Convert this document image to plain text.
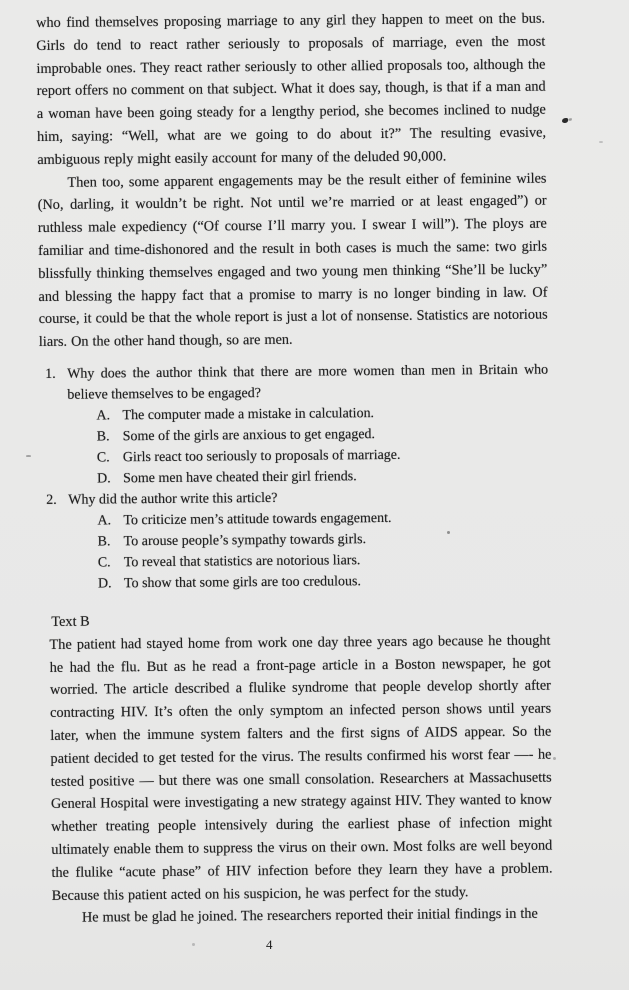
who find themselves proposing marriage to any girl they happen to meet on the bus. Girls do tend to react rather seriously to proposals of marriage, even the most improbable ones. They react rather seriously to other allied proposals too, although the report offers no comment on that subject. What it does say, though, is that if a man and a woman have been going steady for a lengthy period, she becomes inclined to nudge him, saying: “Well, what are we going to do about it?” The resulting evasive, ambiguous reply might easily account for many of the deluded 90,000.

Then too, some apparent engagements may be the result either of feminine wiles (No, darling, it wouldn’t be right. Not until we’re married or at least engaged”) or ruthless male expediency (“Of course I’ll marry you. I swear I will”). The ploys are familiar and time-dishonored and the result in both cases is much the same: two girls blissfully thinking themselves engaged and two young men thinking “She’ll be lucky” and blessing the happy fact that a promise to marry is no longer binding in law. Of course, it could be that the whole report is just a lot of nonsense. Statistics are notorious liars. On the other hand though, so are men.

1. Why does the author think that there are more women than men in Britain who believe themselves to be engaged?
A. The computer made a mistake in calculation.
B. Some of the girls are anxious to get engaged.
C. Girls react too seriously to proposals of marriage.
D. Some men have cheated their girl friends.
2. Why did the author write this article?
A. To criticize men’s attitude towards engagement.
B. To arouse people’s sympathy towards girls.
C. To reveal that statistics are notorious liars.
D. To show that some girls are too credulous.
Text B

The patient had stayed home from work one day three years ago because he thought he had the flu. But as he read a front-page article in a Boston newspaper, he got worried. The article described a flulike syndrome that people develop shortly after contracting HIV. It’s often the only symptom an infected person shows until years later, when the immune system falters and the first signs of AIDS appear. So the patient decided to get tested for the virus. The results confirmed his worst fear —- he tested positive — but there was one small consolation. Researchers at Massachusetts General Hospital were investigating a new strategy against HIV. They wanted to know whether treating people intensively during the earliest phase of infection might ultimately enable them to suppress the virus on their own. Most folks are well beyond the flulike “acute phase” of HIV infection before they learn they have a problem. Because this patient acted on his suspicion, he was perfect for the study.

He must be glad he joined. The researchers reported their initial findings in the

4
